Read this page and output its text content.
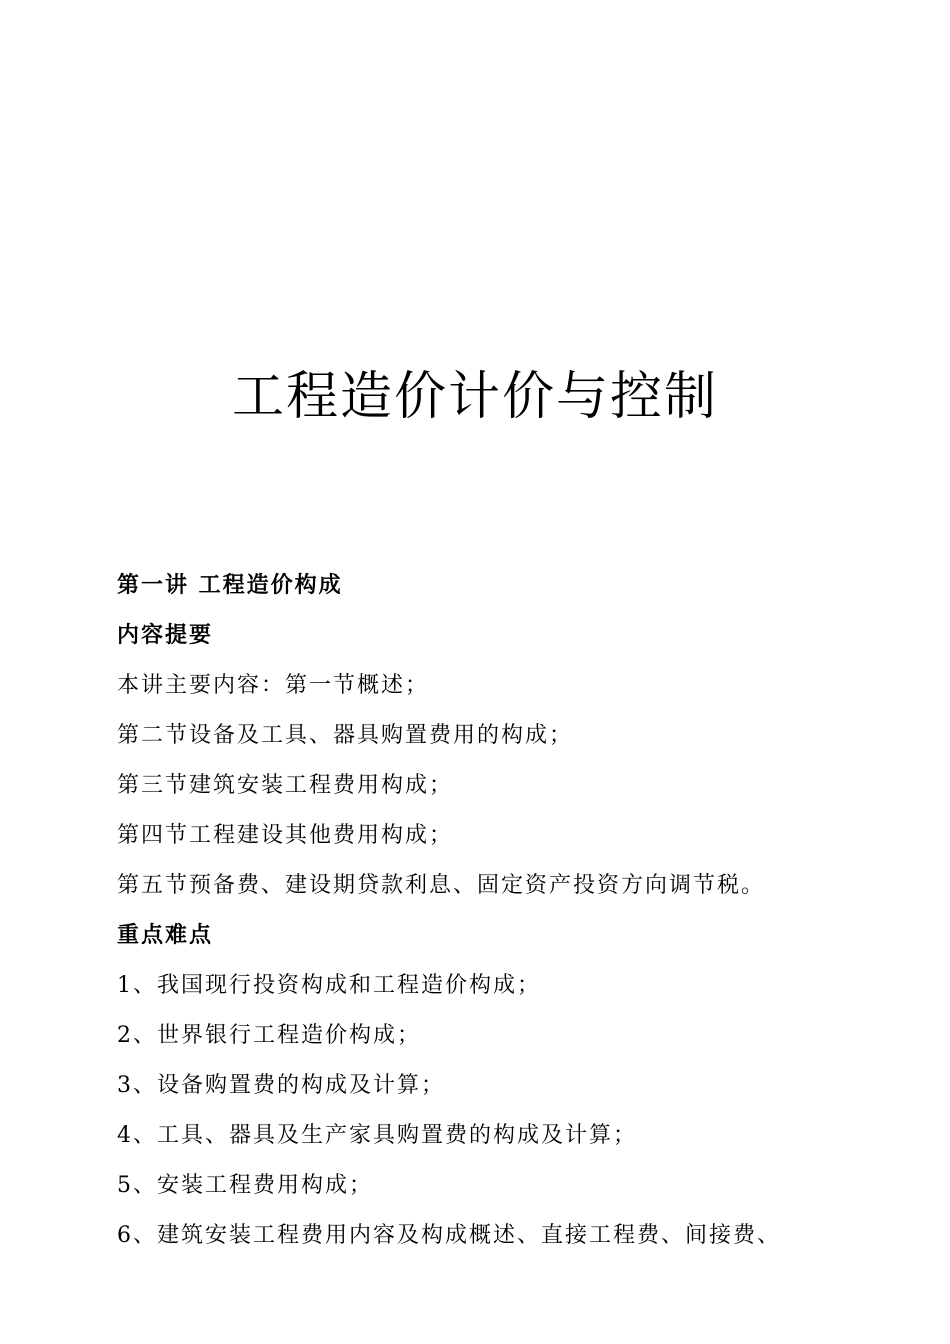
工程造价计价与控制
第一讲 工程造价构成
内容提要
本讲主要内容：第一节概述；
第二节设备及工具、器具购置费用的构成；
第三节建筑安装工程费用构成；
第四节工程建设其他费用构成；
第五节预备费、建设期贷款利息、固定资产投资方向调节税。
重点难点
1、我国现行投资构成和工程造价构成；
2、世界银行工程造价构成；
3、设备购置费的构成及计算；
4、工具、器具及生产家具购置费的构成及计算；
5、安装工程费用构成；
6、建筑安装工程费用内容及构成概述、直接工程费、间接费、
